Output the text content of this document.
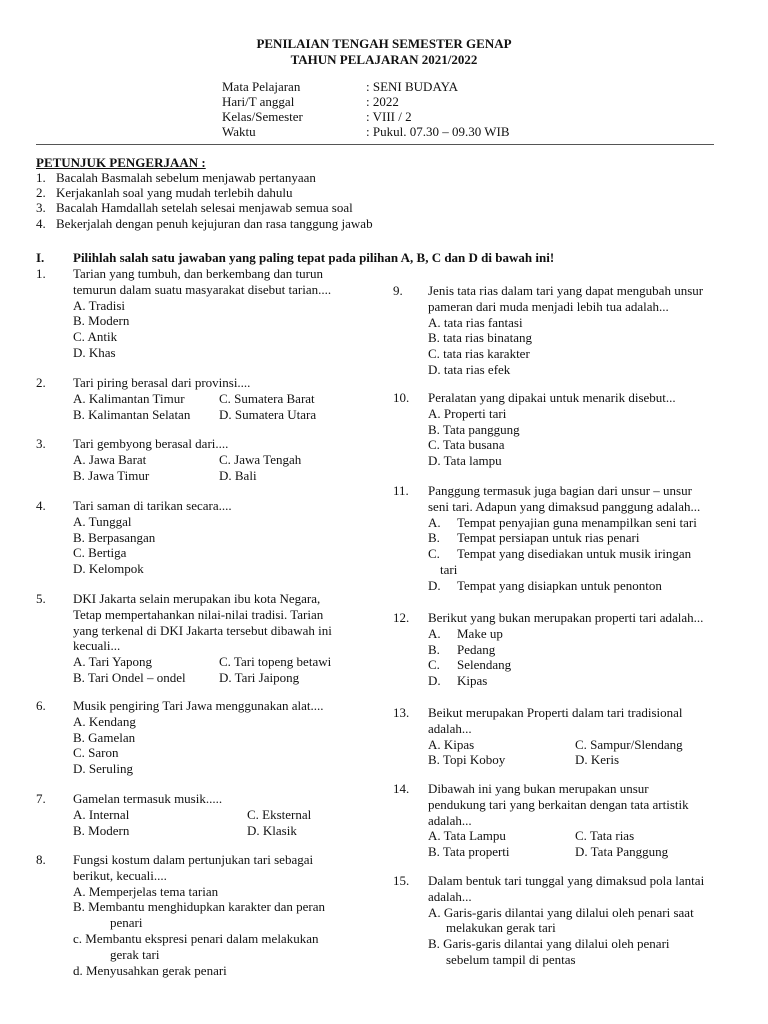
PENILAIAN TENGAH SEMESTER GENAP
TAHUN PELAJARAN 2021/2022
Mata Pelajaran	: SENI BUDAYA
Hari/T anggal	: 2022
Kelas/Semester	: VIII / 2
Waktu	: Pukul. 07.30 – 09.30 WIB
PETUNJUK PENGERJAAN :
1. Bacalah Basmalah sebelum menjawab pertanyaan
2. Kerjakanlah soal yang mudah terlebih dahulu
3. Bacalah Hamdallah setelah selesai menjawab semua soal
4. Bekerjalah dengan penuh kejujuran dan rasa tanggung jawab
I. Pilihlah salah satu jawaban yang paling tepat pada pilihan A, B, C dan D di bawah ini!
1. Tarian yang tumbuh, dan berkembang dan turun
temurun dalam suatu masyarakat disebut tarian....
A. Tradisi
B. Modern
C. Antik
D. Khas
2. Tari piring berasal dari provinsi....
A. Kalimantan Timur	C. Sumatera Barat
B. Kalimantan Selatan	D. Sumatera Utara
3. Tari gembyong berasal dari....
A. Jawa Barat	C. Jawa Tengah
B. Jawa Timur	D. Bali
4. Tari saman di tarikan secara....
A. Tunggal
B. Berpasangan
C. Bertiga
D. Kelompok
5. DKI Jakarta selain merupakan ibu kota Negara,
Tetap mempertahankan nilai-nilai tradisi. Tarian
yang terkenal di DKI Jakarta tersebut dibawah ini
kecuali...
A. Tari Yapong	C. Tari topeng betawi
B. Tari Ondel – ondel	D. Tari Jaipong
6. Musik pengiring Tari Jawa menggunakan alat....
A. Kendang
B. Gamelan
C. Saron
D. Seruling
7. Gamelan termasuk musik.....
A. Internal	C. Eksternal
B. Modern	D. Klasik
8. Fungsi kostum dalam pertunjukan tari sebagai
berikut, kecuali....
A. Memperjelas tema tarian
B. Membantu menghidupkan karakter dan peran
penari
c. Membantu ekspresi penari dalam melakukan
gerak tari
d. Menyusahkan gerak penari
9. Jenis tata rias dalam tari yang dapat mengubah unsur
pameran dari muda menjadi lebih tua adalah...
A. tata rias fantasi
B. tata rias binatang
C. tata rias karakter
D. tata rias efek
10. Peralatan yang dipakai untuk menarik disebut...
A. Properti tari
B. Tata panggung
C. Tata busana
D. Tata lampu
11. Panggung termasuk juga bagian dari unsur – unsur
seni tari. Adapun yang dimaksud panggung adalah...
A.	Tempat penyajian guna menampilkan seni tari
B.	Tempat persiapan untuk rias penari
C.	Tempat yang disediakan untuk musik iringan
tari
D.	Tempat yang disiapkan untuk penonton
12. Berikut yang bukan merupakan properti tari adalah...
A.	Make up
B.	Pedang
C.	Selendang
D.	Kipas
13. Beikut merupakan Properti dalam tari tradisional
adalah...
A. Kipas	C. Sampur/Slendang
B. Topi Koboy	D. Keris
14. Dibawah ini yang bukan merupakan unsur
pendukung tari yang berkaitan dengan tata artistik
adalah...
A. Tata Lampu	C. Tata rias
B. Tata properti	D. Tata Panggung
15. Dalam bentuk tari tunggal yang dimaksud pola lantai
adalah...
A. Garis-garis dilantai yang dilalui oleh penari saat
melakukan gerak tari
B. Garis-garis dilantai yang dilalui oleh penari
sebelum tampil di pentas
